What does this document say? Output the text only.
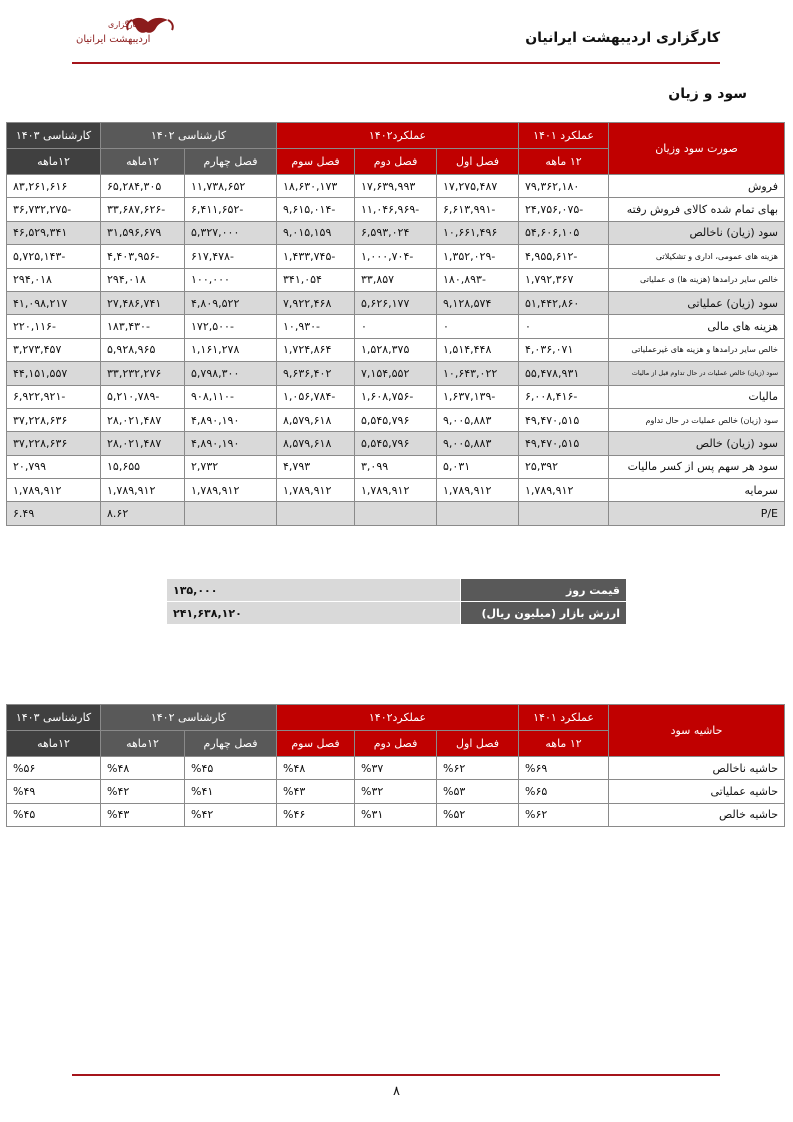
کارگزاری
اردیبهشت ایرانیان	کارگزاری اردیبهشت ایرانیان
سود و زیان
صورت سود وزیان	عملکرد ۱۴۰۱	عملکرد۱۴۰۲			کارشناسی ۱۴۰۲		کارشناسی ۱۴۰۳
	۱۲ ماهه	فصل اول	فصل دوم	فصل سوم	فصل چهارم	۱۲ماهه	۱۲ماهه
فروش	۷۹,۳۶۲,۱۸۰	۱۷,۲۷۵,۴۸۷	۱۷,۶۳۹,۹۹۳	۱۸,۶۳۰,۱۷۳	۱۱,۷۳۸,۶۵۲	۶۵,۲۸۴,۳۰۵	۸۳,۲۶۱,۶۱۶
بهای تمام شده کالای فروش رفته	-۲۴,۷۵۶,۰۷۵	-۶,۶۱۳,۹۹۱	-۱۱,۰۴۶,۹۶۹	-۹,۶۱۵,۰۱۴	-۶,۴۱۱,۶۵۲	-۳۳,۶۸۷,۶۲۶	-۳۶,۷۳۲,۲۷۵
سود (زیان) ناخالص	۵۴,۶۰۶,۱۰۵	۱۰,۶۶۱,۴۹۶	۶,۵۹۳,۰۲۴	۹,۰۱۵,۱۵۹	۵,۳۲۷,۰۰۰	۳۱,۵۹۶,۶۷۹	۴۶,۵۲۹,۳۴۱
هزینه های عمومی، اداری و تشکیلاتی	-۴,۹۵۵,۶۱۲	-۱,۳۵۲,۰۲۹	-۱,۰۰۰,۷۰۴	-۱,۴۳۳,۷۴۵	-۶۱۷,۴۷۸	-۴,۴۰۳,۹۵۶	-۵,۷۲۵,۱۴۳
خالص سایر درامدها (هزینه ها) ی عملیاتی	۱,۷۹۲,۳۶۷	-۱۸۰,۸۹۳	۳۳,۸۵۷	۳۴۱,۰۵۴	۱۰۰,۰۰۰	۲۹۴,۰۱۸	۲۹۴,۰۱۸
سود (زیان) عملیاتی	۵۱,۴۴۲,۸۶۰	۹,۱۲۸,۵۷۴	۵,۶۲۶,۱۷۷	۷,۹۲۲,۴۶۸	۴,۸۰۹,۵۲۲	۲۷,۴۸۶,۷۴۱	۴۱,۰۹۸,۲۱۷
هزینه های مالی	۰	۰	۰	-۱۰,۹۳۰	-۱۷۲,۵۰۰	-۱۸۳,۴۳۰	-۲۲۰,۱۱۶
خالص سایر درامدها و هزینه های غیرعملیاتی	۴,۰۳۶,۰۷۱	۱,۵۱۴,۴۴۸	۱,۵۲۸,۳۷۵	۱,۷۲۴,۸۶۴	۱,۱۶۱,۲۷۸	۵,۹۲۸,۹۶۵	۳,۲۷۳,۴۵۷
سود (زیان) خالص عملیات در حال تداوم قبل از مالیات	۵۵,۴۷۸,۹۳۱	۱۰,۶۴۳,۰۲۲	۷,۱۵۴,۵۵۲	۹,۶۳۶,۴۰۲	۵,۷۹۸,۳۰۰	۳۳,۲۳۲,۲۷۶	۴۴,۱۵۱,۵۵۷
مالیات	-۶,۰۰۸,۴۱۶	-۱,۶۳۷,۱۳۹	-۱,۶۰۸,۷۵۶	-۱,۰۵۶,۷۸۴	-۹۰۸,۱۱۰	-۵,۲۱۰,۷۸۹	-۶,۹۲۲,۹۲۱
سود (زیان) خالص عملیات در حال تداوم	۴۹,۴۷۰,۵۱۵	۹,۰۰۵,۸۸۳	۵,۵۴۵,۷۹۶	۸,۵۷۹,۶۱۸	۴,۸۹۰,۱۹۰	۲۸,۰۲۱,۴۸۷	۳۷,۲۲۸,۶۳۶
سود (زیان) خالص	۴۹,۴۷۰,۵۱۵	۹,۰۰۵,۸۸۳	۵,۵۴۵,۷۹۶	۸,۵۷۹,۶۱۸	۴,۸۹۰,۱۹۰	۲۸,۰۲۱,۴۸۷	۳۷,۲۲۸,۶۳۶
سود هر سهم پس از کسر مالیات	۲۵,۳۹۲	۵,۰۳۱	۳,۰۹۹	۴,۷۹۳	۲,۷۳۲	۱۵,۶۵۵	۲۰,۷۹۹
سرمایه	۱,۷۸۹,۹۱۲	۱,۷۸۹,۹۱۲	۱,۷۸۹,۹۱۲	۱,۷۸۹,۹۱۲	۱,۷۸۹,۹۱۲	۱,۷۸۹,۹۱۲	۱,۷۸۹,۹۱۲
P/E						۸.۶۲	۶.۴۹
قیمت روز	۱۳۵,۰۰۰
ارزش بازار (میلیون ریال)	۲۴۱,۶۳۸,۱۲۰
حاشیه سود	عملکرد ۱۴۰۱	عملکرد۱۴۰۲			کارشناسی ۱۴۰۲		کارشناسی ۱۴۰۳
	۱۲ ماهه	فصل اول	فصل دوم	فصل سوم	فصل چهارم	۱۲ماهه	۱۲ماهه
حاشیه ناخالص	%۶۹	%۶۲	%۳۷	%۴۸	%۴۵	%۴۸	%۵۶
حاشیه عملیاتی	%۶۵	%۵۳	%۳۲	%۴۳	%۴۱	%۴۲	%۴۹
حاشیه خالص	%۶۲	%۵۲	%۳۱	%۴۶	%۴۲	%۴۳	%۴۵
۸
